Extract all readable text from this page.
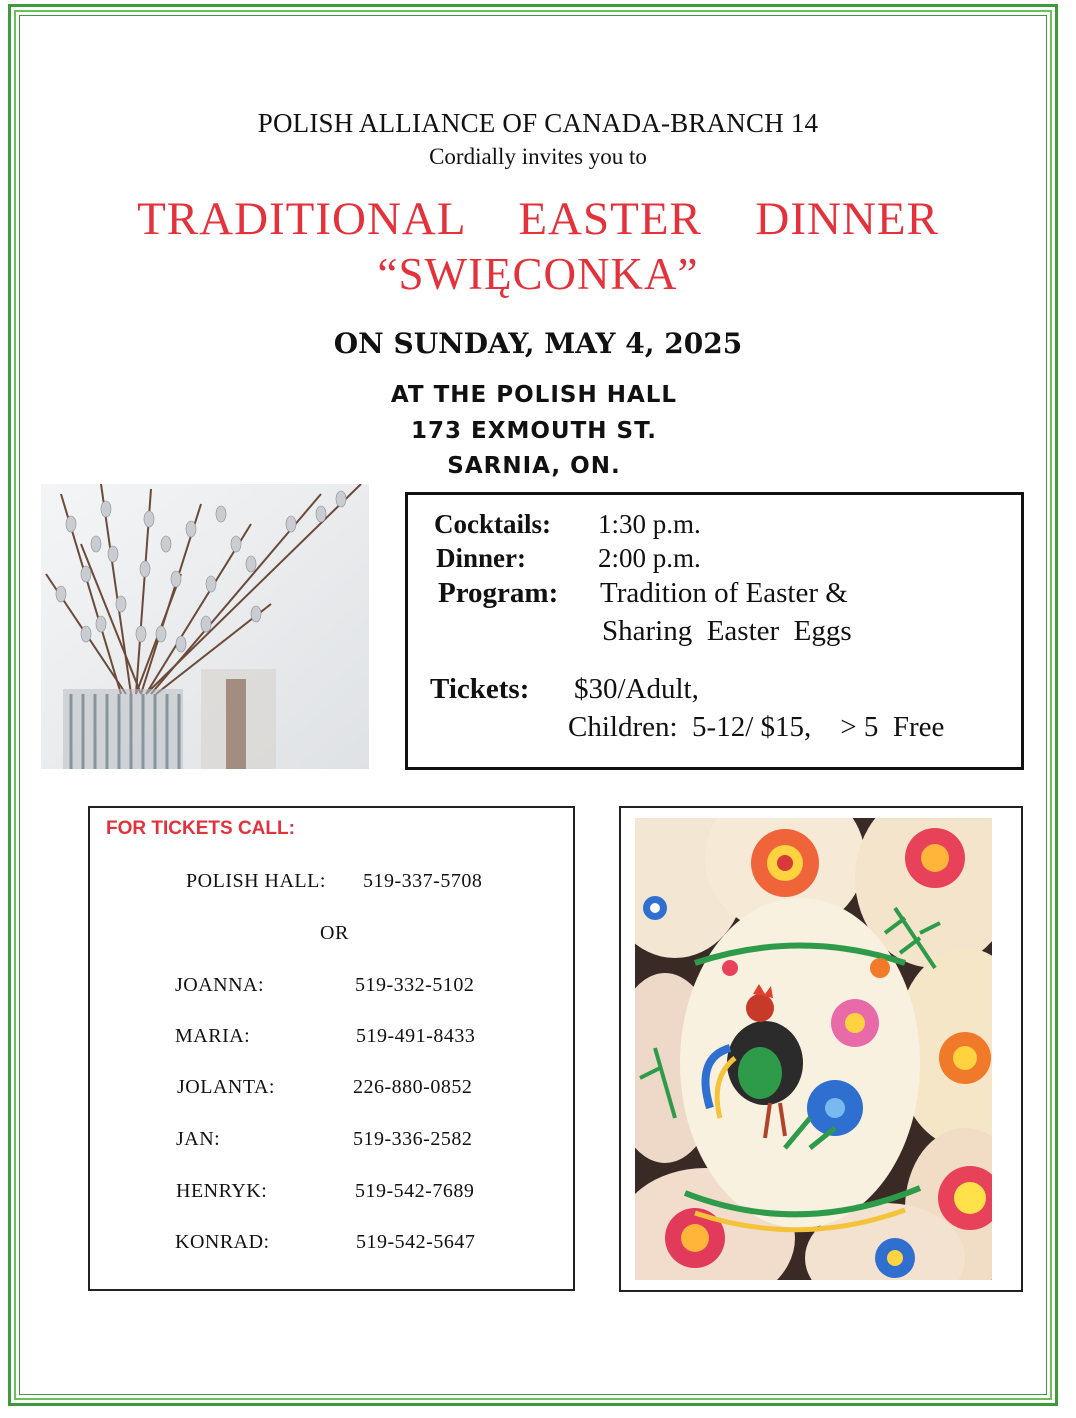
POLISH ALLIANCE OF CANADA-BRANCH 14
Cordially invites you to
TRADITIONAL  EASTER  DINNER
“SWIĘCONKA”
ON SUNDAY, MAY 4, 2025
AT THE POLISH HALL
173 EXMOUTH ST.
SARNIA, ON.
Cocktails: 1:30 p.m.
Dinner:	2:00 p.m.
Program: Tradition of Easter &
Sharing  Easter  Eggs
Tickets: $30/Adult,
Children:  5-12/ $15,    > 5  Free
FOR TICKETS CALL:
POLISH HALL: 519-337-5708
OR
JOANNA:	519-332-5102
MARIA:	519-491-8433
JOLANTA:	226-880-0852
JAN:	519-336-2582
HENRYK:	519-542-7689
KONRAD:	519-542-5647
